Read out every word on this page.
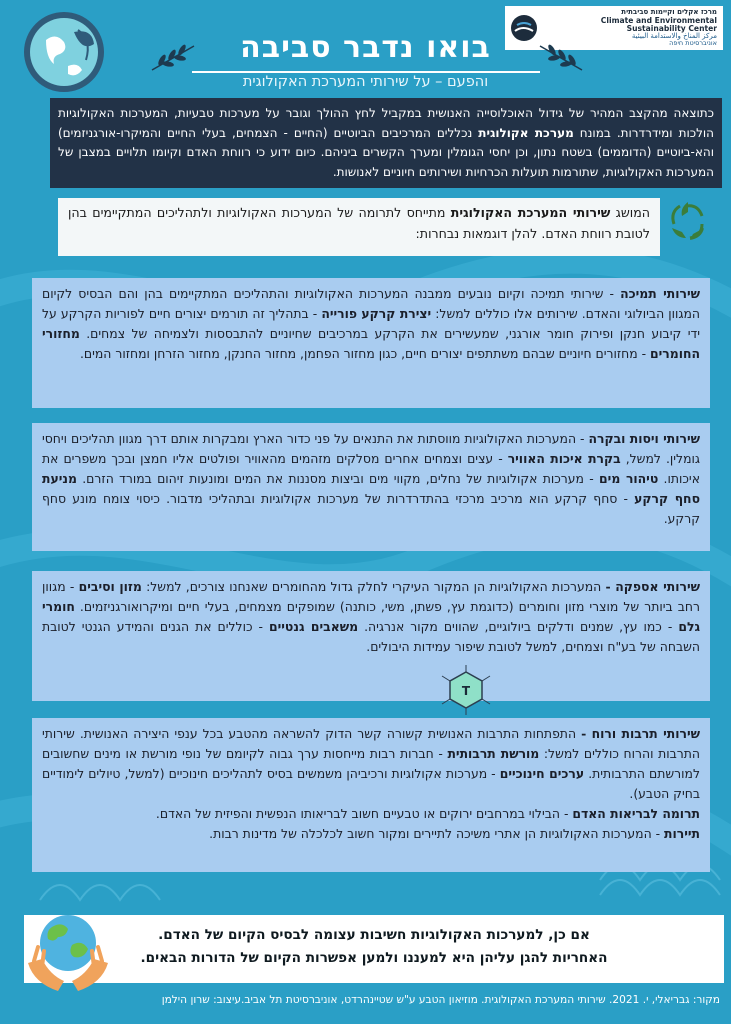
מרכז אקלים וקיימות סביבתית
Climate and Environmental Sustainability Center
مركز المناخ والاستدامة البيئية
אוניברסיטת חיפה
בואו נדבר סביבה
והפעם – על שירותי המערכת האקולוגית
כתוצאה מהקצב המהיר של גידול האוכלוסייה האנושית במקביל לחץ ההולך וגובר על מערכות טבעיות, המערכות האקולוגיות הולכות ומידרדרות. במונח מערכת אקולוגית נכללים המרכיבים הביוטיים (החיים - הצמחים, בעלי החיים והמיקרו-אורגניזמים) והא-ביוטיים (הדוממים) בשטח נתון, וכן יחסי הגומלין ומערך הקשרים ביניהם. כיום ידוע כי רווחת האדם וקיומו תלויים במצבן של המערכות האקולוגיות, שתורמות תועלות הכרחיות ושירותים חיוניים לאנושות.
המושג שירותי המערכת האקולוגית מתייחס לתרומה של המערכות האקולוגיות ולתהליכים המתקיימים בהן לטובת רווחת האדם. להלן דוגמאות נבחרות:
שירותי תמיכה - שירותי תמיכה וקיום נובעים ממבנה המערכות האקולוגיות והתהליכים המתקיימים בהן והם הבסיס לקיום המגוון הביולוגי והאדם. שירותים אלו כוללים למשל: יצירת קרקע פורייה - בתהליך זה תורמים יצורים חיים לפוריות הקרקע על ידי קיבוע חנקן ופירוק חומר אורגני, שמעשירים את הקרקע במרכיבים שחיוניים להתבססות ולצמיחה של צמחים. מחזורי החומרים - מחזורים חיוניים שבהם משתתפים יצורים חיים, כגון מחזור הפחמן, מחזור החנקן, מחזור הזרחן ומחזור המים.
שירותי ויסות ובקרה - המערכות האקולוגיות מווסתות את התנאים על פני כדור הארץ ומבקרות אותם דרך מגוון תהליכים ויחסי גומלין. למשל, בקרת איכות האוויר - עצים וצמחים אחרים מסלקים מזהמים מהאוויר ופולטים אליו חמצן ובכך משפרים את איכותו. טיהור מים - מערכות אקולוגיות של נחלים, מקווי מים וביצות מסננות את המים ומונעות זיהום במורד הזרם. מניעת סחף קרקע - סחף קרקע הוא מרכיב מרכזי בהתדרדרות של מערכות אקולוגיות ובתהליכי מדבור. כיסוי צומח מונע סחף קרקע.
שירותי אספקה - המערכות האקולוגיות הן המקור העיקרי לחלק גדול מהחומרים שאנחנו צורכים, למשל: מזון וסיבים - מגוון רחב ביותר של מוצרי מזון וחומרים (כדוגמת עץ, פשתן, משי, כותנה) שמופקים מצמחים, בעלי חיים ומיקרואורגניזמים. חומרי גלם - כמו עץ, שמנים ודלקים ביולוגיים, שהווים מקור אנרגיה. משאבים גנטיים - כוללים את הגנים והמידע הגנטי לטובת השבחה של בע"ח וצמחים, למשל לטובת שיפור עמידות היבולים.
T
שירותי תרבות ורוח - התפתחות התרבות האנושית קשורה קשר הדוק להשראה מהטבע בכל ענפי היצירה האנושית. שירותי התרבות והרוח כוללים למשל: מורשת תרבותית - חברות רבות מייחסות ערך גבוה לקיומם של נופי מורשת או מינים שחשובים למורשתם התרבותית. ערכים חינוכיים - מערכות אקולוגיות ורכיביהן משמשים בסיס לתהליכים חינוכיים (למשל, טיולים לימודיים בחיק הטבע).
תרומה לבריאות האדם - הבילוי במרחבים ירוקים או טבעיים חשוב לבריאותו הנפשית והפיזית של האדם.
תיירות - המערכות האקולוגיות הן אתרי משיכה לתיירים ומקור חשוב לכלכלה של מדינות רבות.
אם כן, למערכות האקולוגיות חשיבות עצומה לבסיס הקיום של האדם.
האחריות להגן עליהן היא למעננו ולמען אפשרות הקיום של הדורות הבאים.
מקור: גבריאלי, י. 2021. שירותי המערכת האקולוגית. מוזיאון הטבע ע"ש שטיינהרדט, אוניברסיטת תל אביב.עיצוב: שרון הילמן
